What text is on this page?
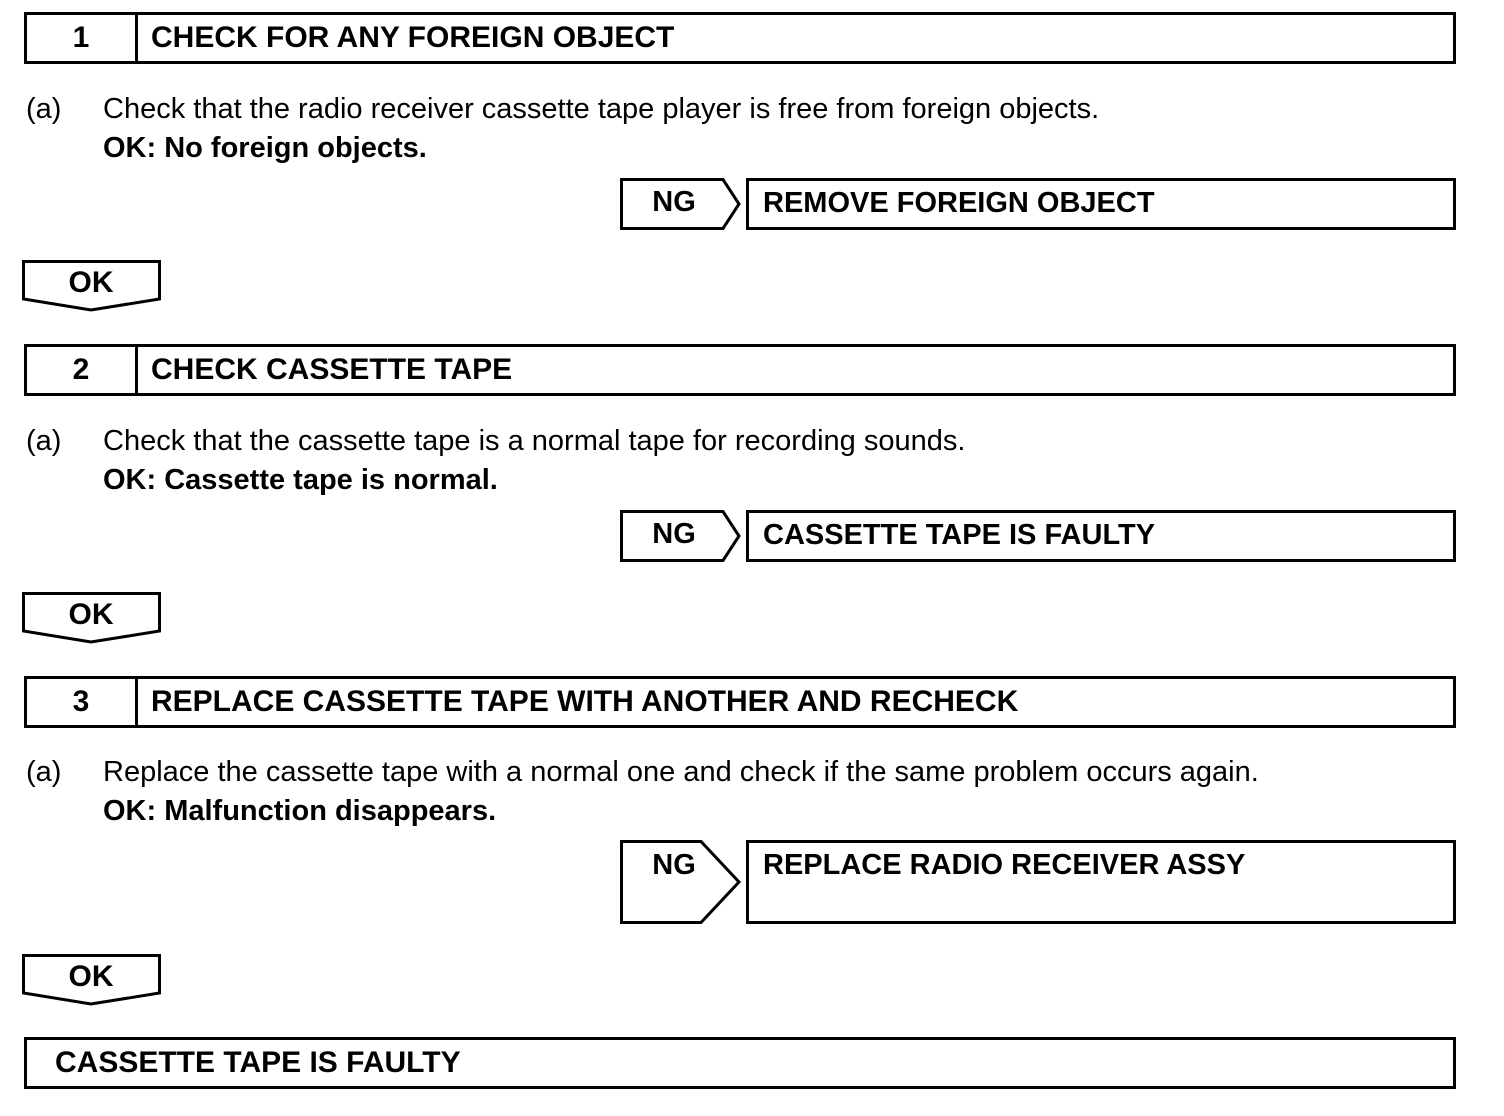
1	CHECK FOR ANY FOREIGN OBJECT
(a) Check that the radio receiver cassette tape player is free from foreign objects.
OK: No foreign objects.
NG	REMOVE FOREIGN OBJECT
OK
2	CHECK CASSETTE TAPE
(a) Check that the cassette tape is a normal tape for recording sounds.
OK: Cassette tape is normal.
NG	CASSETTE TAPE IS FAULTY
OK
3	REPLACE CASSETTE TAPE WITH ANOTHER AND RECHECK
(a) Replace the cassette tape with a normal one and check if the same problem occurs again.
OK: Malfunction disappears.
NG	REPLACE RADIO RECEIVER ASSY
OK
CASSETTE TAPE IS FAULTY
